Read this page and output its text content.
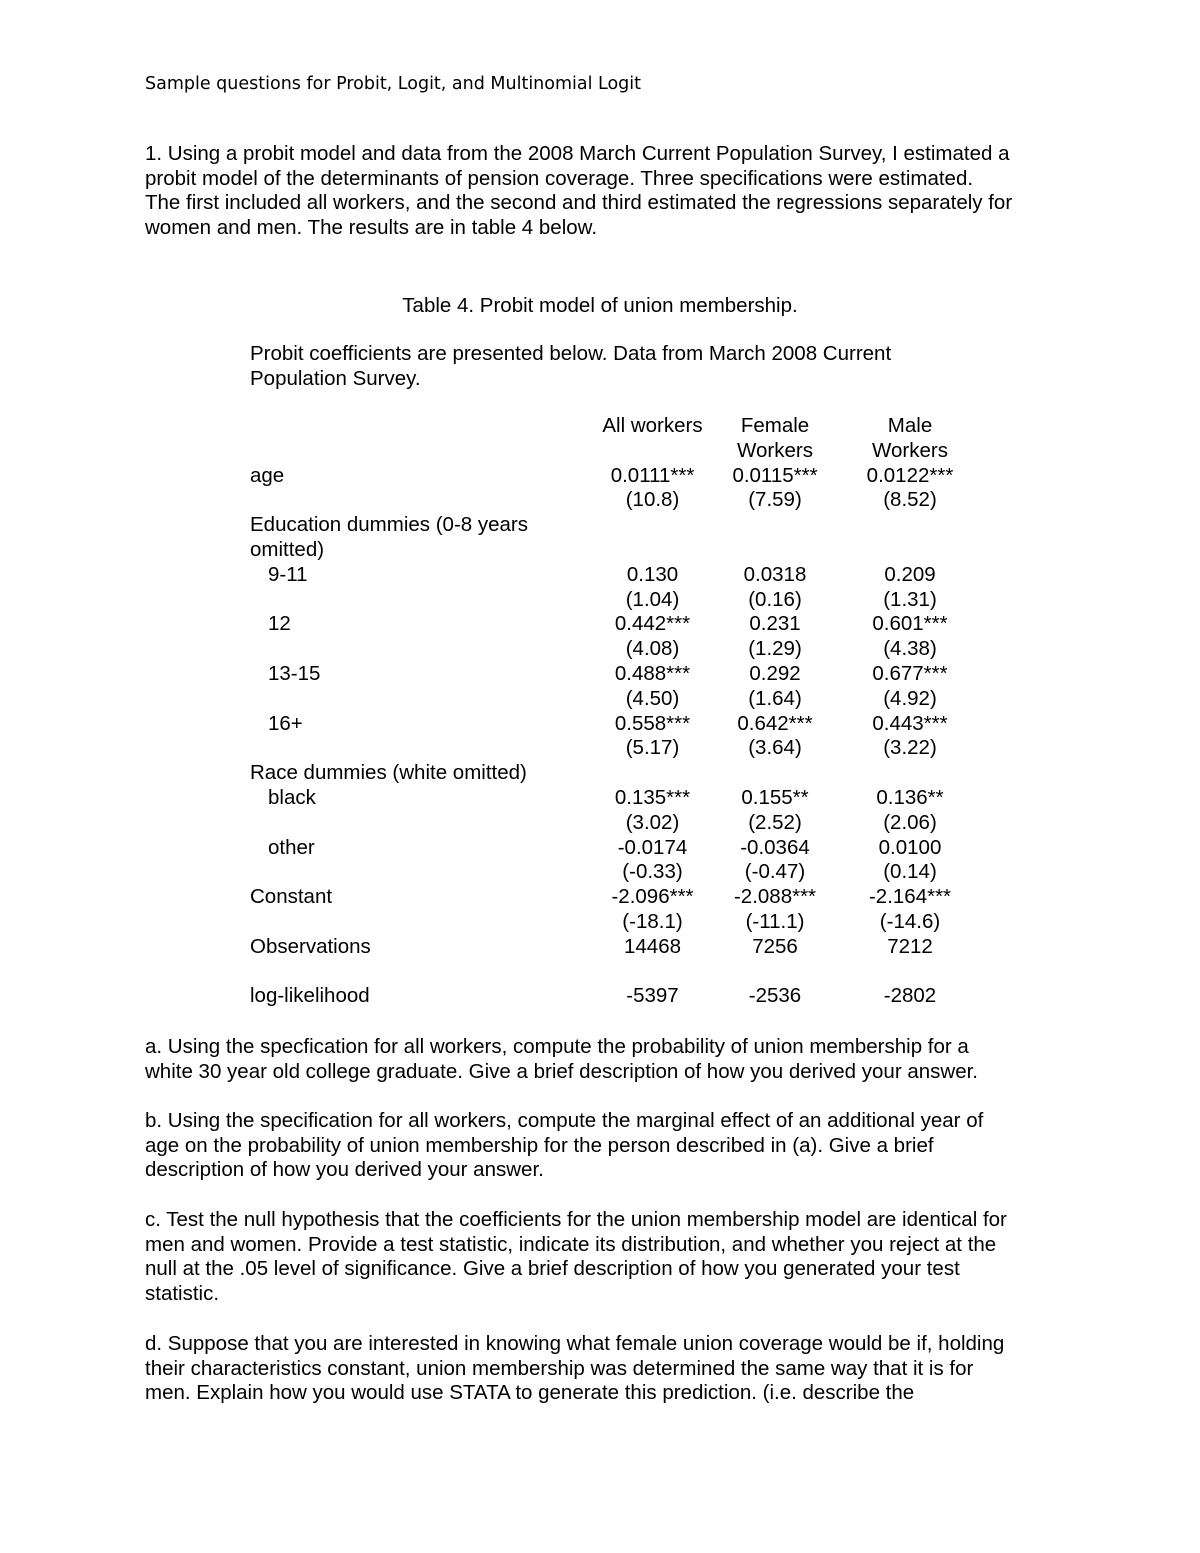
Sample questions for Probit, Logit, and Multinomial Logit
1. Using a probit model and data from the 2008 March Current Population Survey, I estimated a
probit model of the determinants of pension coverage. Three specifications were estimated.
The first included all workers, and the second and third estimated the regressions separately for
women and men. The results are in table 4 below.
Table 4. Probit model of union membership.
Probit coefficients are presented below. Data from March 2008 Current
Population Survey.
	All workers	Female	Male
		Workers	Workers
age	0.0111***	0.0115***	0.0122***
	(10.8)	(7.59)	(8.52)
Education dummies (0-8 years			
omitted)			
9-11	0.130	0.0318	0.209
	(1.04)	(0.16)	(1.31)
12	0.442***	0.231	0.601***
	(4.08)	(1.29)	(4.38)
13-15	0.488***	0.292	0.677***
	(4.50)	(1.64)	(4.92)
16+	0.558***	0.642***	0.443***
	(5.17)	(3.64)	(3.22)
Race dummies (white omitted)			
black	0.135***	0.155**	0.136**
	(3.02)	(2.52)	(2.06)
other	-0.0174	-0.0364	0.0100
	(-0.33)	(-0.47)	(0.14)
Constant	-2.096***	-2.088***	-2.164***
	(-18.1)	(-11.1)	(-14.6)
Observations	14468	7256	7212

log-likelihood	-5397	-2536	-2802
a. Using the specfication for all workers, compute the probability of union membership for a
white 30 year old college graduate. Give a brief description of how you derived your answer.
b. Using the specification for all workers, compute the marginal effect of an additional year of
age on the probability of union membership for the person described in (a). Give a brief
description of how you derived your answer.
c. Test the null hypothesis that the coefficients for the union membership model are identical for
men and women. Provide a test statistic, indicate its distribution, and whether you reject at the
null at the .05 level of significance. Give a brief description of how you generated your test
statistic.
d. Suppose that you are interested in knowing what female union coverage would be if, holding
their characteristics constant, union membership was determined the same way that it is for
men. Explain how you would use STATA to generate this prediction. (i.e. describe the
